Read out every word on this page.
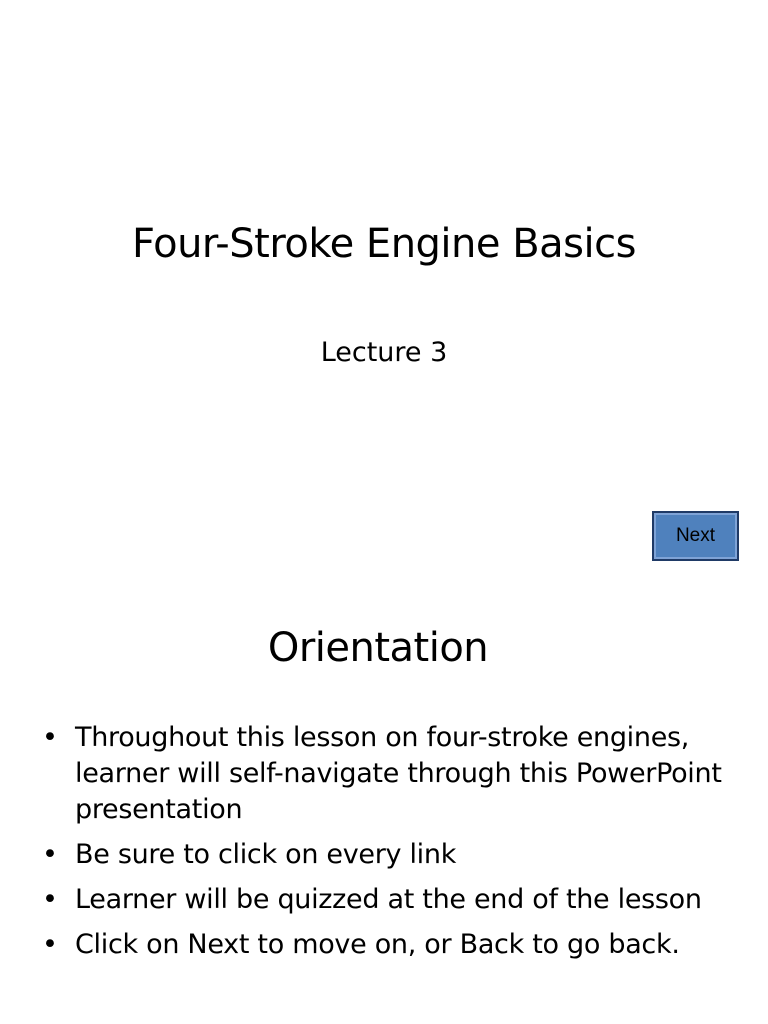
Four-Stroke Engine Basics
Lecture 3
Next
Orientation
• Throughout this lesson on four-stroke engines, learner will self-navigate through this PowerPoint presentation
• Be sure to click on every link
• Learner will be quizzed at the end of the lesson
• Click on Next to move on, or Back to go back.
